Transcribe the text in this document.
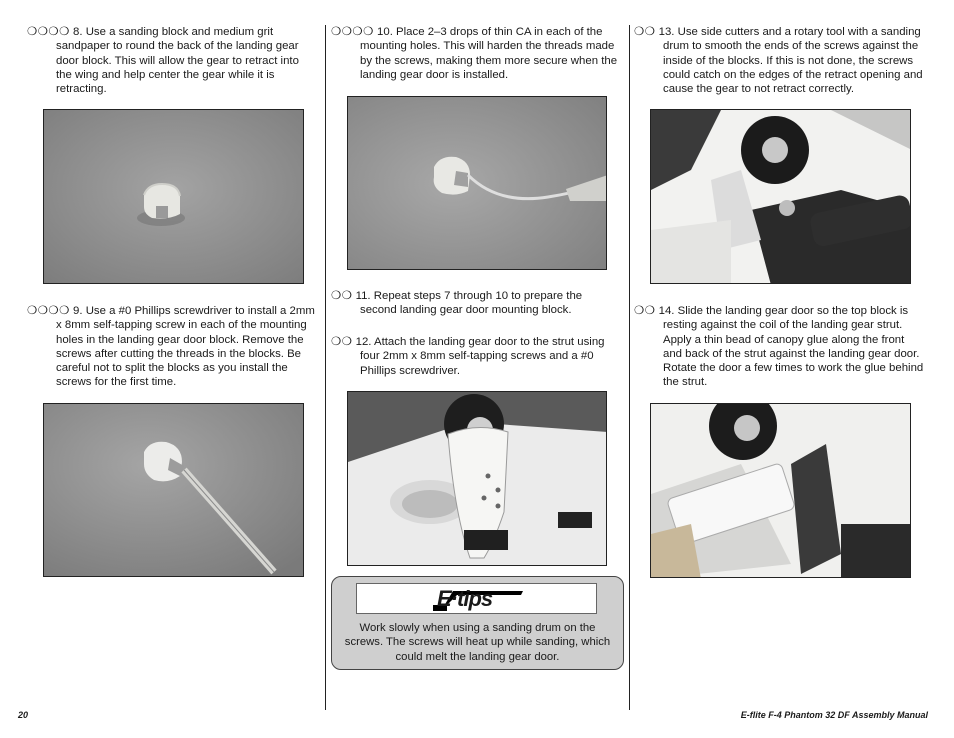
❍❍❍❍ 8. Use a sanding block and medium grit sandpaper to round the back of the landing gear door block. This will allow the gear to retract into the wing and help center the gear while it is retracting.
❍❍❍❍ 9. Use a #0 Phillips screwdriver to install a 2mm x 8mm self-tapping screw in each of the mounting holes in the landing gear door block. Remove the screws after cutting the threads in the blocks. Be careful not to split the blocks as you install the screws for the first time.
❍❍❍❍ 10. Place 2–3 drops of thin CA in each of the mounting holes. This will harden the threads made by the screws, making them more secure when the landing gear door is installed.
❍❍ 11. Repeat steps 7 through 10 to prepare the second landing gear door mounting block.
❍❍ 12. Attach the landing gear door to the strut using four 2mm x 8mm self-tapping screws and a #0 Phillips screwdriver.
E·tips
Work slowly when using a sanding drum on the screws. The screws will heat up while sanding, which could melt the landing gear door.
❍❍ 13. Use side cutters and a rotary tool with a sanding drum to smooth the ends of the screws against the inside of the blocks. If this is not done, the screws could catch on the edges of the retract opening and cause the gear to not retract correctly.
❍❍ 14. Slide the landing gear door so the top block is resting against the coil of the landing gear strut. Apply a thin bead of canopy glue along the front and back of the strut against the landing gear door. Rotate the door a few times to work the glue behind the strut.
20	E-flite F-4 Phantom 32 DF Assembly Manual
